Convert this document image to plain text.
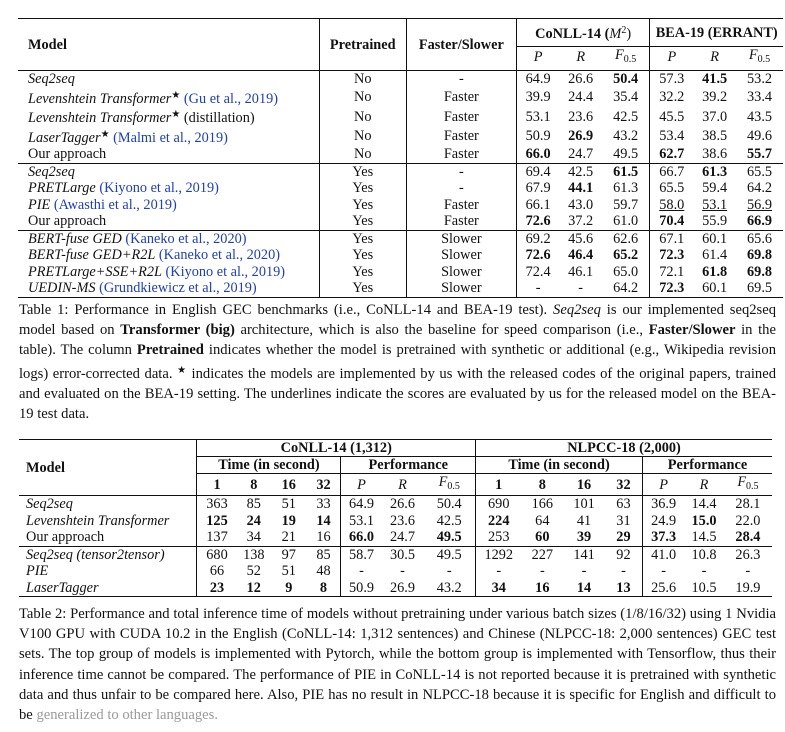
Model	Pretrained	Faster/Slower	CoNLL-14 $(M^2)$			BEA-19 (ERRANT)		
			P	R	$F_{0.5}$	P	R	$F_{0.5}$
Seq2seq	No	-	64.9	26.6	50.4	57.3	41.5	53.2
Levenshtein Transformer★ (Gu et al., 2019)	No	Faster	39.9	24.4	35.4	32.2	39.2	33.4
Levenshtein Transformer★ (distillation)	No	Faster	53.1	23.6	42.5	45.5	37.0	43.5
LaserTagger★ (Malmi et al., 2019)	No	Faster	50.9	26.9	43.2	53.4	38.5	49.6
Our approach	No	Faster	66.0	24.7	49.5	62.7	38.6	55.7
Seq2seq	Yes	-	69.4	42.5	61.5	66.7	61.3	65.5
PRETLarge (Kiyono et al., 2019)	Yes	-	67.9	44.1	61.3	65.5	59.4	64.2
PIE (Awasthi et al., 2019)	Yes	Faster	66.1	43.0	59.7	58.0	53.1	56.9
Our approach	Yes	Faster	72.6	37.2	61.0	70.4	55.9	66.9
BERT-fuse GED (Kaneko et al., 2020)	Yes	Slower	69.2	45.6	62.6	67.1	60.1	65.6
BERT-fuse GED+R2L (Kaneko et al., 2020)	Yes	Slower	72.6	46.4	65.2	72.3	61.4	69.8
PRETLarge+SSE+R2L (Kiyono et al., 2019)	Yes	Slower	72.4	46.1	65.0	72.1	61.8	69.8
UEDIN-MS (Grundkiewicz et al., 2019)	Yes	Slower	-	-	64.2	72.3	60.1	69.5
Table 1: Performance in English GEC benchmarks (i.e., CoNLL-14 and BEA-19 test). Seq2seq is our implemented seq2seq model based on Transformer (big) architecture, which is also the baseline for speed comparison (i.e., Faster/Slower in the table). The column Pretrained indicates whether the model is pretrained with synthetic or additional (e.g., Wikipedia revision logs) error-corrected data. ★ indicates the models are implemented by us with the released codes of the original papers, trained and evaluated on the BEA-19 setting. The underlines indicate the scores are evaluated by us for the released model on the BEA-19 test data.
Model	CoNLL-14 (1,312)							NLPCC-18 (2,000)						
	Time (in second)				Performance			Time (in second)				Performance		
	1	8	16	32	P	R	$F_{0.5}$	1	8	16	32	P	R	$F_{0.5}$
Seq2seq	363	85	51	33	64.9	26.6	50.4	690	166	101	63	36.9	14.4	28.1
Levenshtein Transformer	125	24	19	14	53.1	23.6	42.5	224	64	41	31	24.9	15.0	22.0
Our approach	137	34	21	16	66.0	24.7	49.5	253	60	39	29	37.3	14.5	28.4
Seq2seq (tensor2tensor)	680	138	97	85	58.7	30.5	49.5	1292	227	141	92	41.0	10.8	26.3
PIE	66	52	51	48	-	-	-	-	-	-	-	-	-	-
LaserTagger	23	12	9	8	50.9	26.9	43.2	34	16	14	13	25.6	10.5	19.9
Table 2: Performance and total inference time of models without pretraining under various batch sizes (1/8/16/32) using 1 Nvidia V100 GPU with CUDA 10.2 in the English (CoNLL-14: 1,312 sentences) and Chinese (NLPCC-18: 2,000 sentences) GEC test sets. The top group of models is implemented with Pytorch, while the bottom group is implemented with Tensorflow, thus their inference time cannot be compared. The performance of PIE in CoNLL-14 is not reported because it is pretrained with synthetic data and thus unfair to be compared here. Also, PIE has no result in NLPCC-18 because it is specific for English and difficult to be generalized to other languages.
